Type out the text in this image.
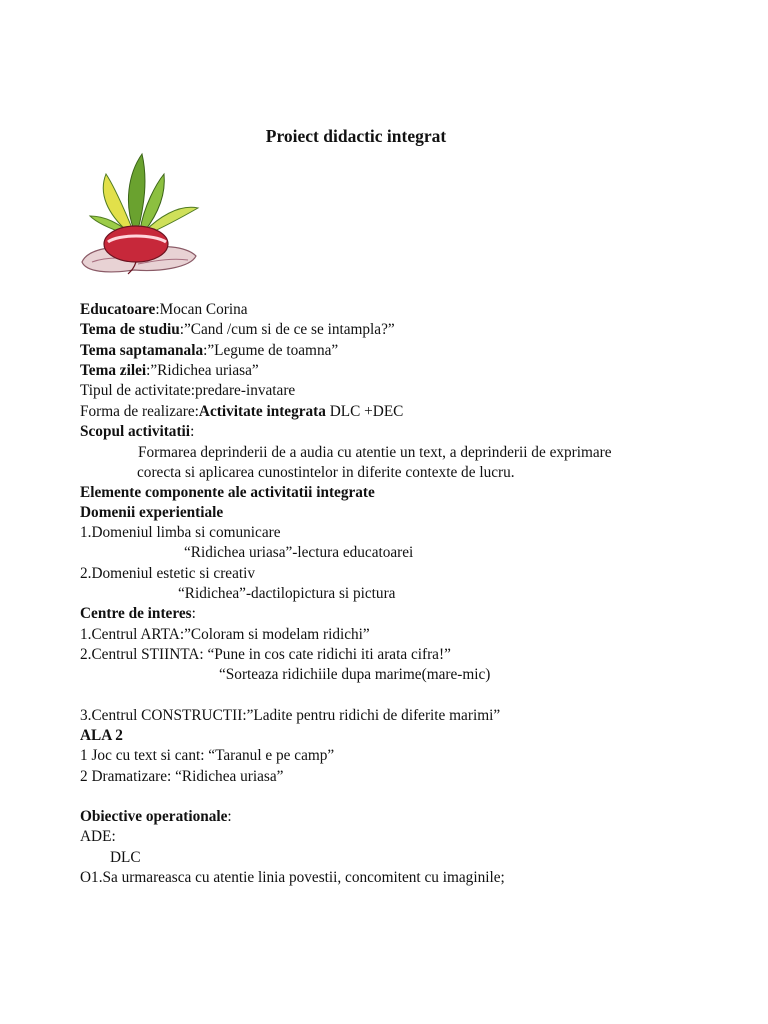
Proiect didactic integrat
Educatoare:Mocan Corina
Tema de studiu:”Cand /cum si de ce se intampla?”
Tema saptamanala:”Legume de toamna”
Tema zilei:”Ridichea uriasa”
Tipul de activitate:predare-invatare
Forma de realizare:Activitate integrata DLC +DEC
Scopul activitatii:
Formarea deprinderii de a audia cu atentie un text, a deprinderii de exprimare
corecta si aplicarea cunostintelor in diferite contexte de lucru.
Elemente componente ale activitatii integrate
Domenii experientiale
1.Domeniul limba si comunicare
“Ridichea uriasa”-lectura educatoarei
2.Domeniul estetic si creativ
“Ridichea”-dactilopictura si pictura
Centre de interes:
1.Centrul ARTA:”Coloram si modelam ridichi”
2.Centrul STIINTA: “Pune in cos cate ridichi iti arata cifra!”
“Sorteaza ridichiile dupa marime(mare-mic)
3.Centrul CONSTRUCTII:”Ladite pentru ridichi de diferite marimi”
ALA 2
1 Joc cu text si cant: “Taranul e pe camp”
2 Dramatizare: “Ridichea uriasa”
Obiective operationale:
ADE:
DLC
O1.Sa urmareasca cu atentie linia povestii, concomitent cu imaginile;
